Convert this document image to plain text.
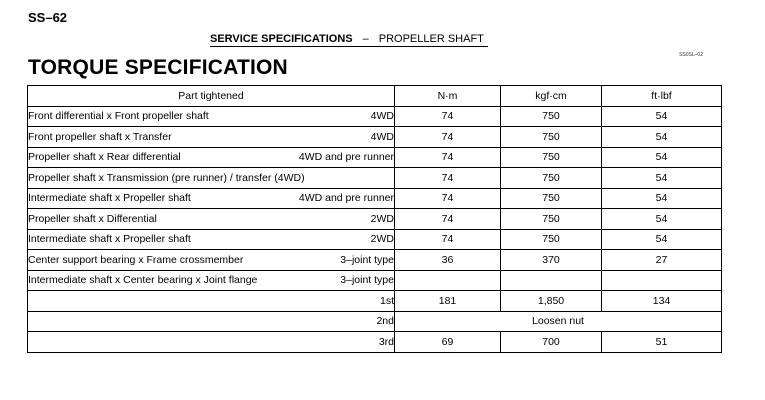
SS–62
SERVICE SPECIFICATIONS – PROPELLER SHAFT
SS0SL–02
TORQUE SPECIFICATION
Part tightened	N·m	kgf·cm	ft·lbf

Front differential x Front propeller shaft 4WD	74	750	54

Front propeller shaft x Transfer 4WD	74	750	54

Propeller shaft x Rear differential 4WD and pre runner	74	750	54

Propeller shaft x Transmission (pre runner) / transfer (4WD)	74	750	54

Intermediate shaft x Propeller shaft 4WD and pre runner	74	750	54

Propeller shaft x Differential 2WD	74	750	54

Intermediate shaft x Propeller shaft 2WD	74	750	54

Center support bearing x Frame crossmember 3–joint type	36	370	27

Intermediate shaft x Center bearing x Joint flange 3–joint type			

1st	181	1,850	134
2nd	Loosen nut		
3rd	69	700	51
